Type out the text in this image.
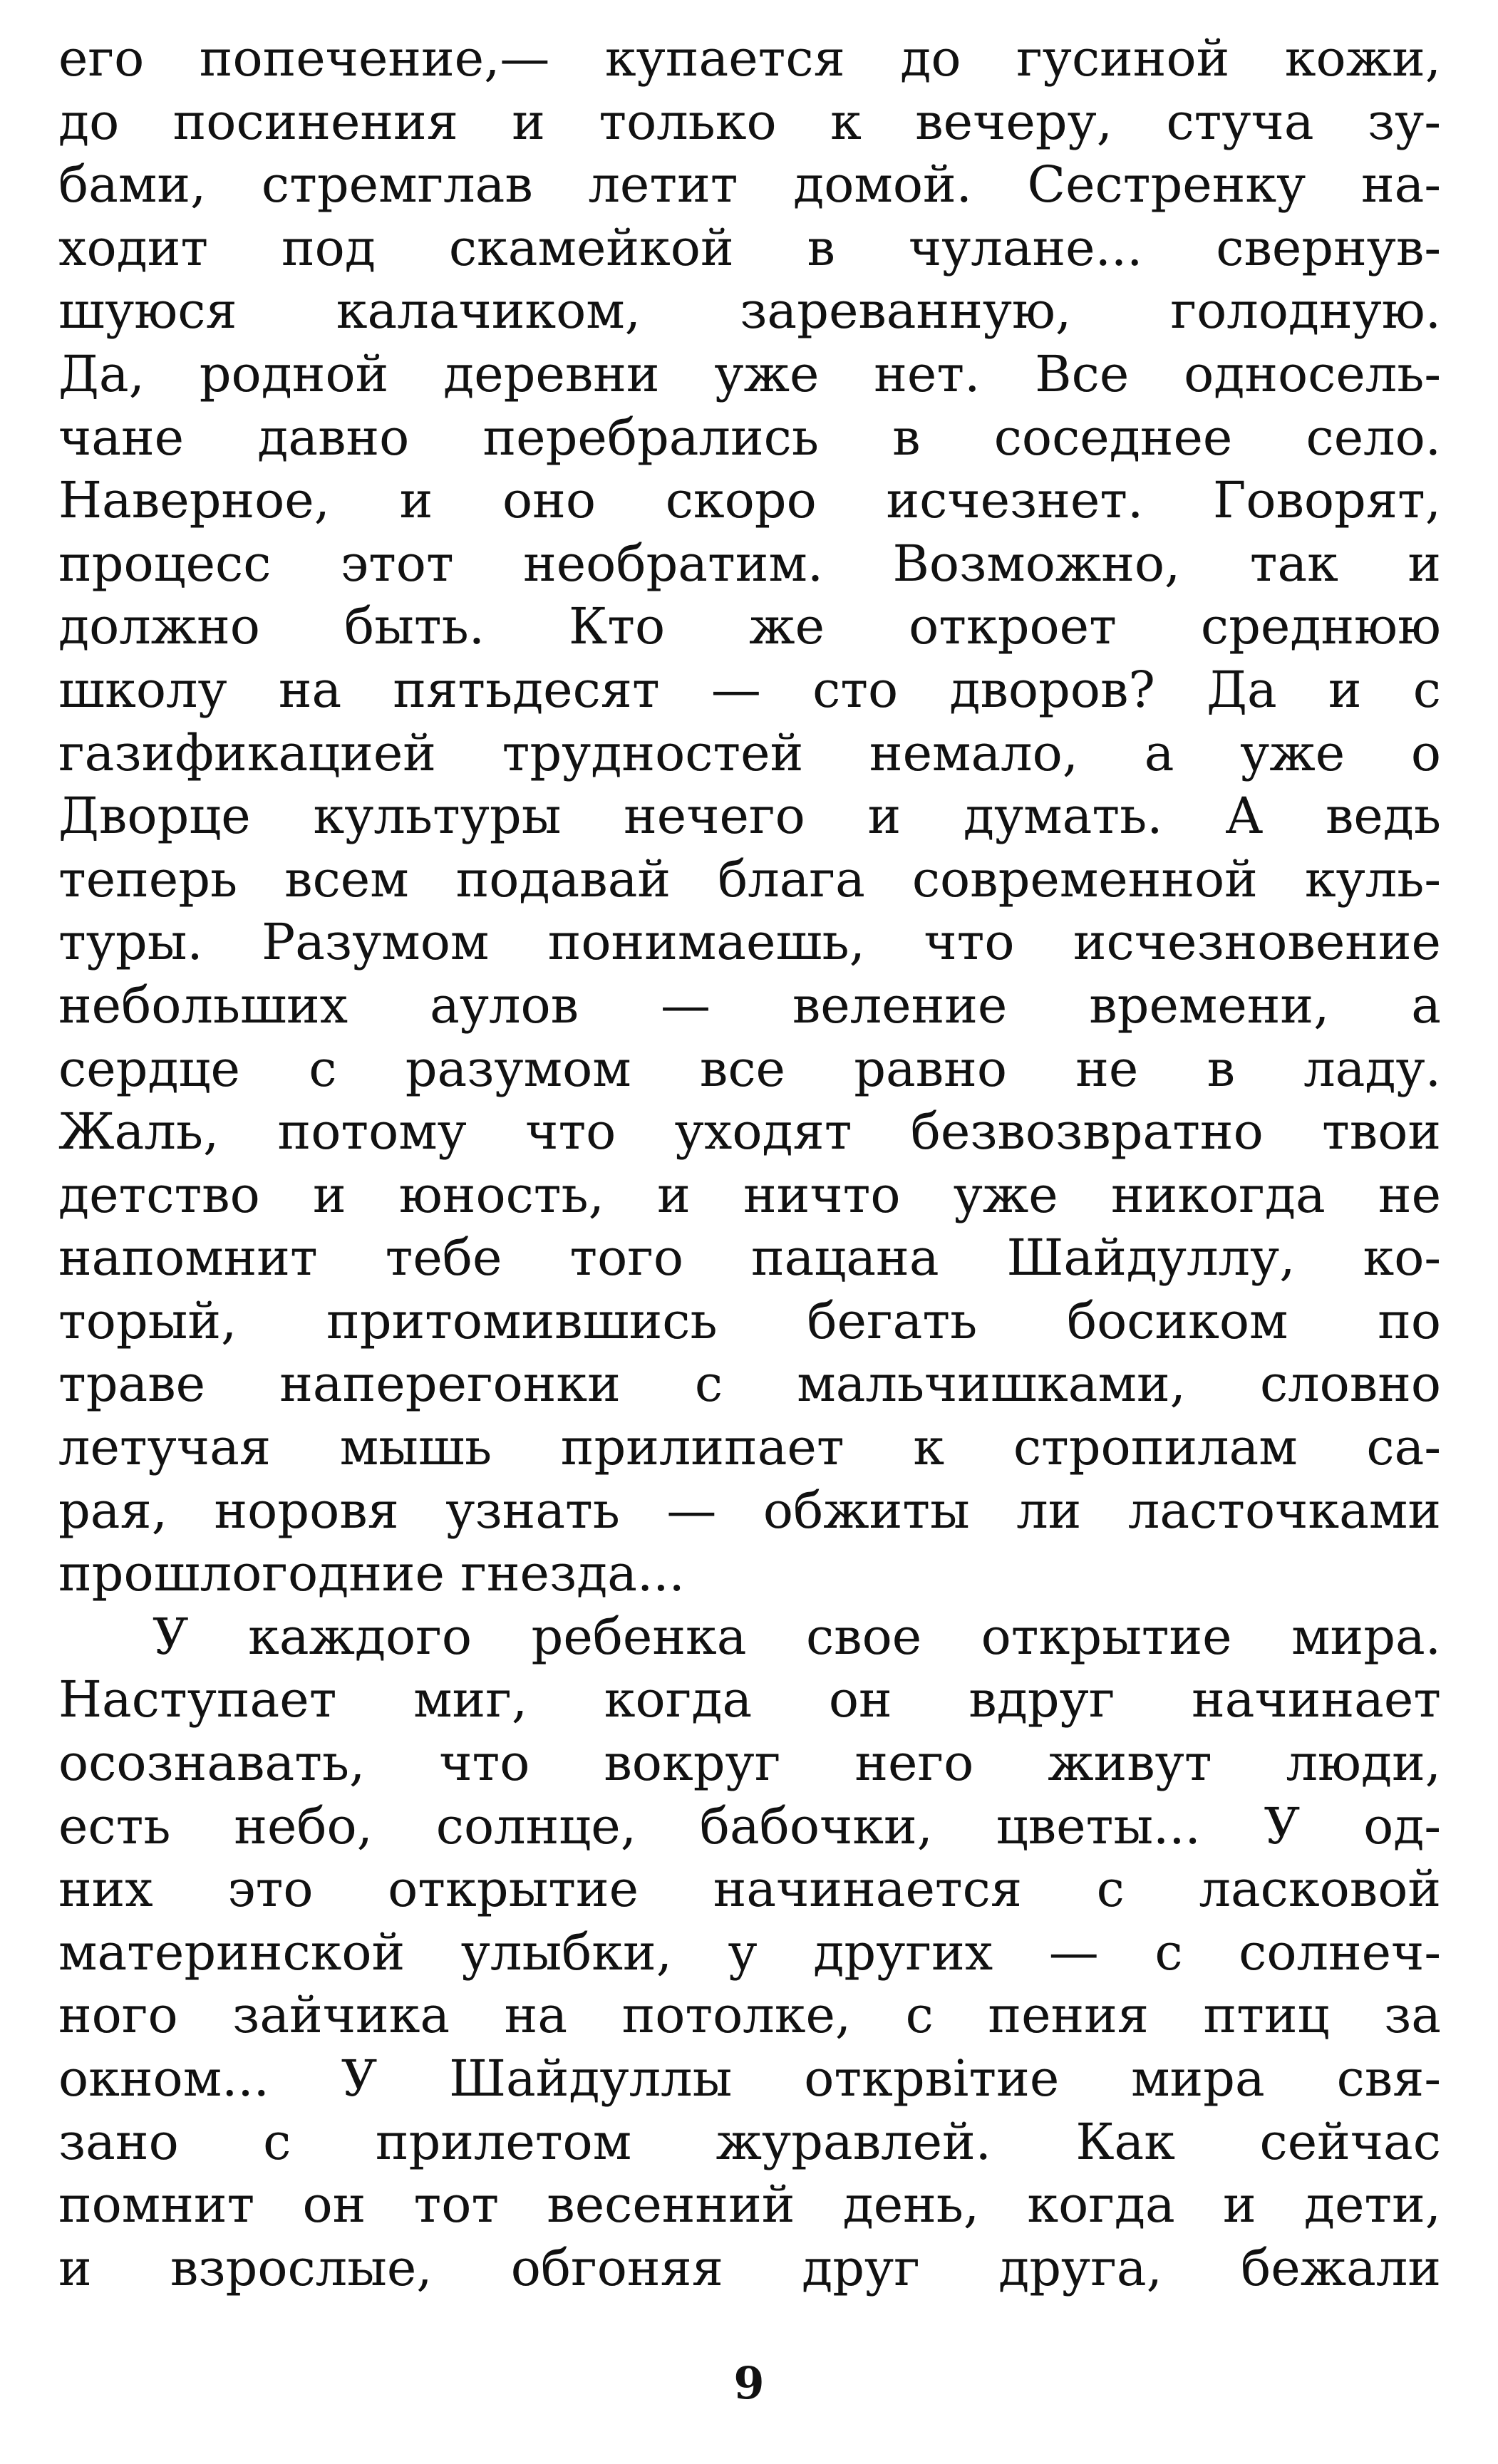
его попечение,— купается до гусиной кожи,
до посинения и только к вечеру, стуча зу-
бами, стремглав летит домой. Сестренку на-
ходит под скамейкой в чулане... свернув-
шуюся калачиком, зареванную, голодную.
Да, родной деревни уже нет. Все односель-
чане давно перебрались в соседнее село.
Наверное, и оно скоро исчезнет. Говорят,
процесс этот необратим. Возможно, так и
должно быть. Кто же откроет среднюю
школу на пятьдесят — сто дворов? Да и с
газификацией трудностей немало, а уже о
Дворце культуры нечего и думать. А ведь
теперь всем подавай блага современной куль-
туры. Разумом понимаешь, что исчезновение
небольших аулов — веление времени, а
сердце с разумом все равно не в ладу.
Жаль, потому что уходят безвозвратно твои
детство и юность, и ничто уже никогда не
напомнит тебе того пацана Шайдуллу, ко-
торый, притомившись бегать босиком по
траве наперегонки с мальчишками, словно
летучая мышь прилипает к стропилам са-
рая, норовя узнать — обжиты ли ласточками
прошлогодние гнезда...
У каждого ребенка свое открытие мира.
Наступает миг, когда он вдруг начинает
осознавать, что вокруг него живут люди,
есть небо, солнце, бабочки, цветы... У од-
них это открытие начинается с ласковой
материнской улыбки, у других — с солнеч-
ного зайчика на потолке, с пения птиц за
окном... У Шайдуллы открвітие мира свя-
зано с прилетом журавлей. Как сейчас
помнит он тот весенний день, когда и дети,
и взрослые, обгоняя друг друга, бежали
9
